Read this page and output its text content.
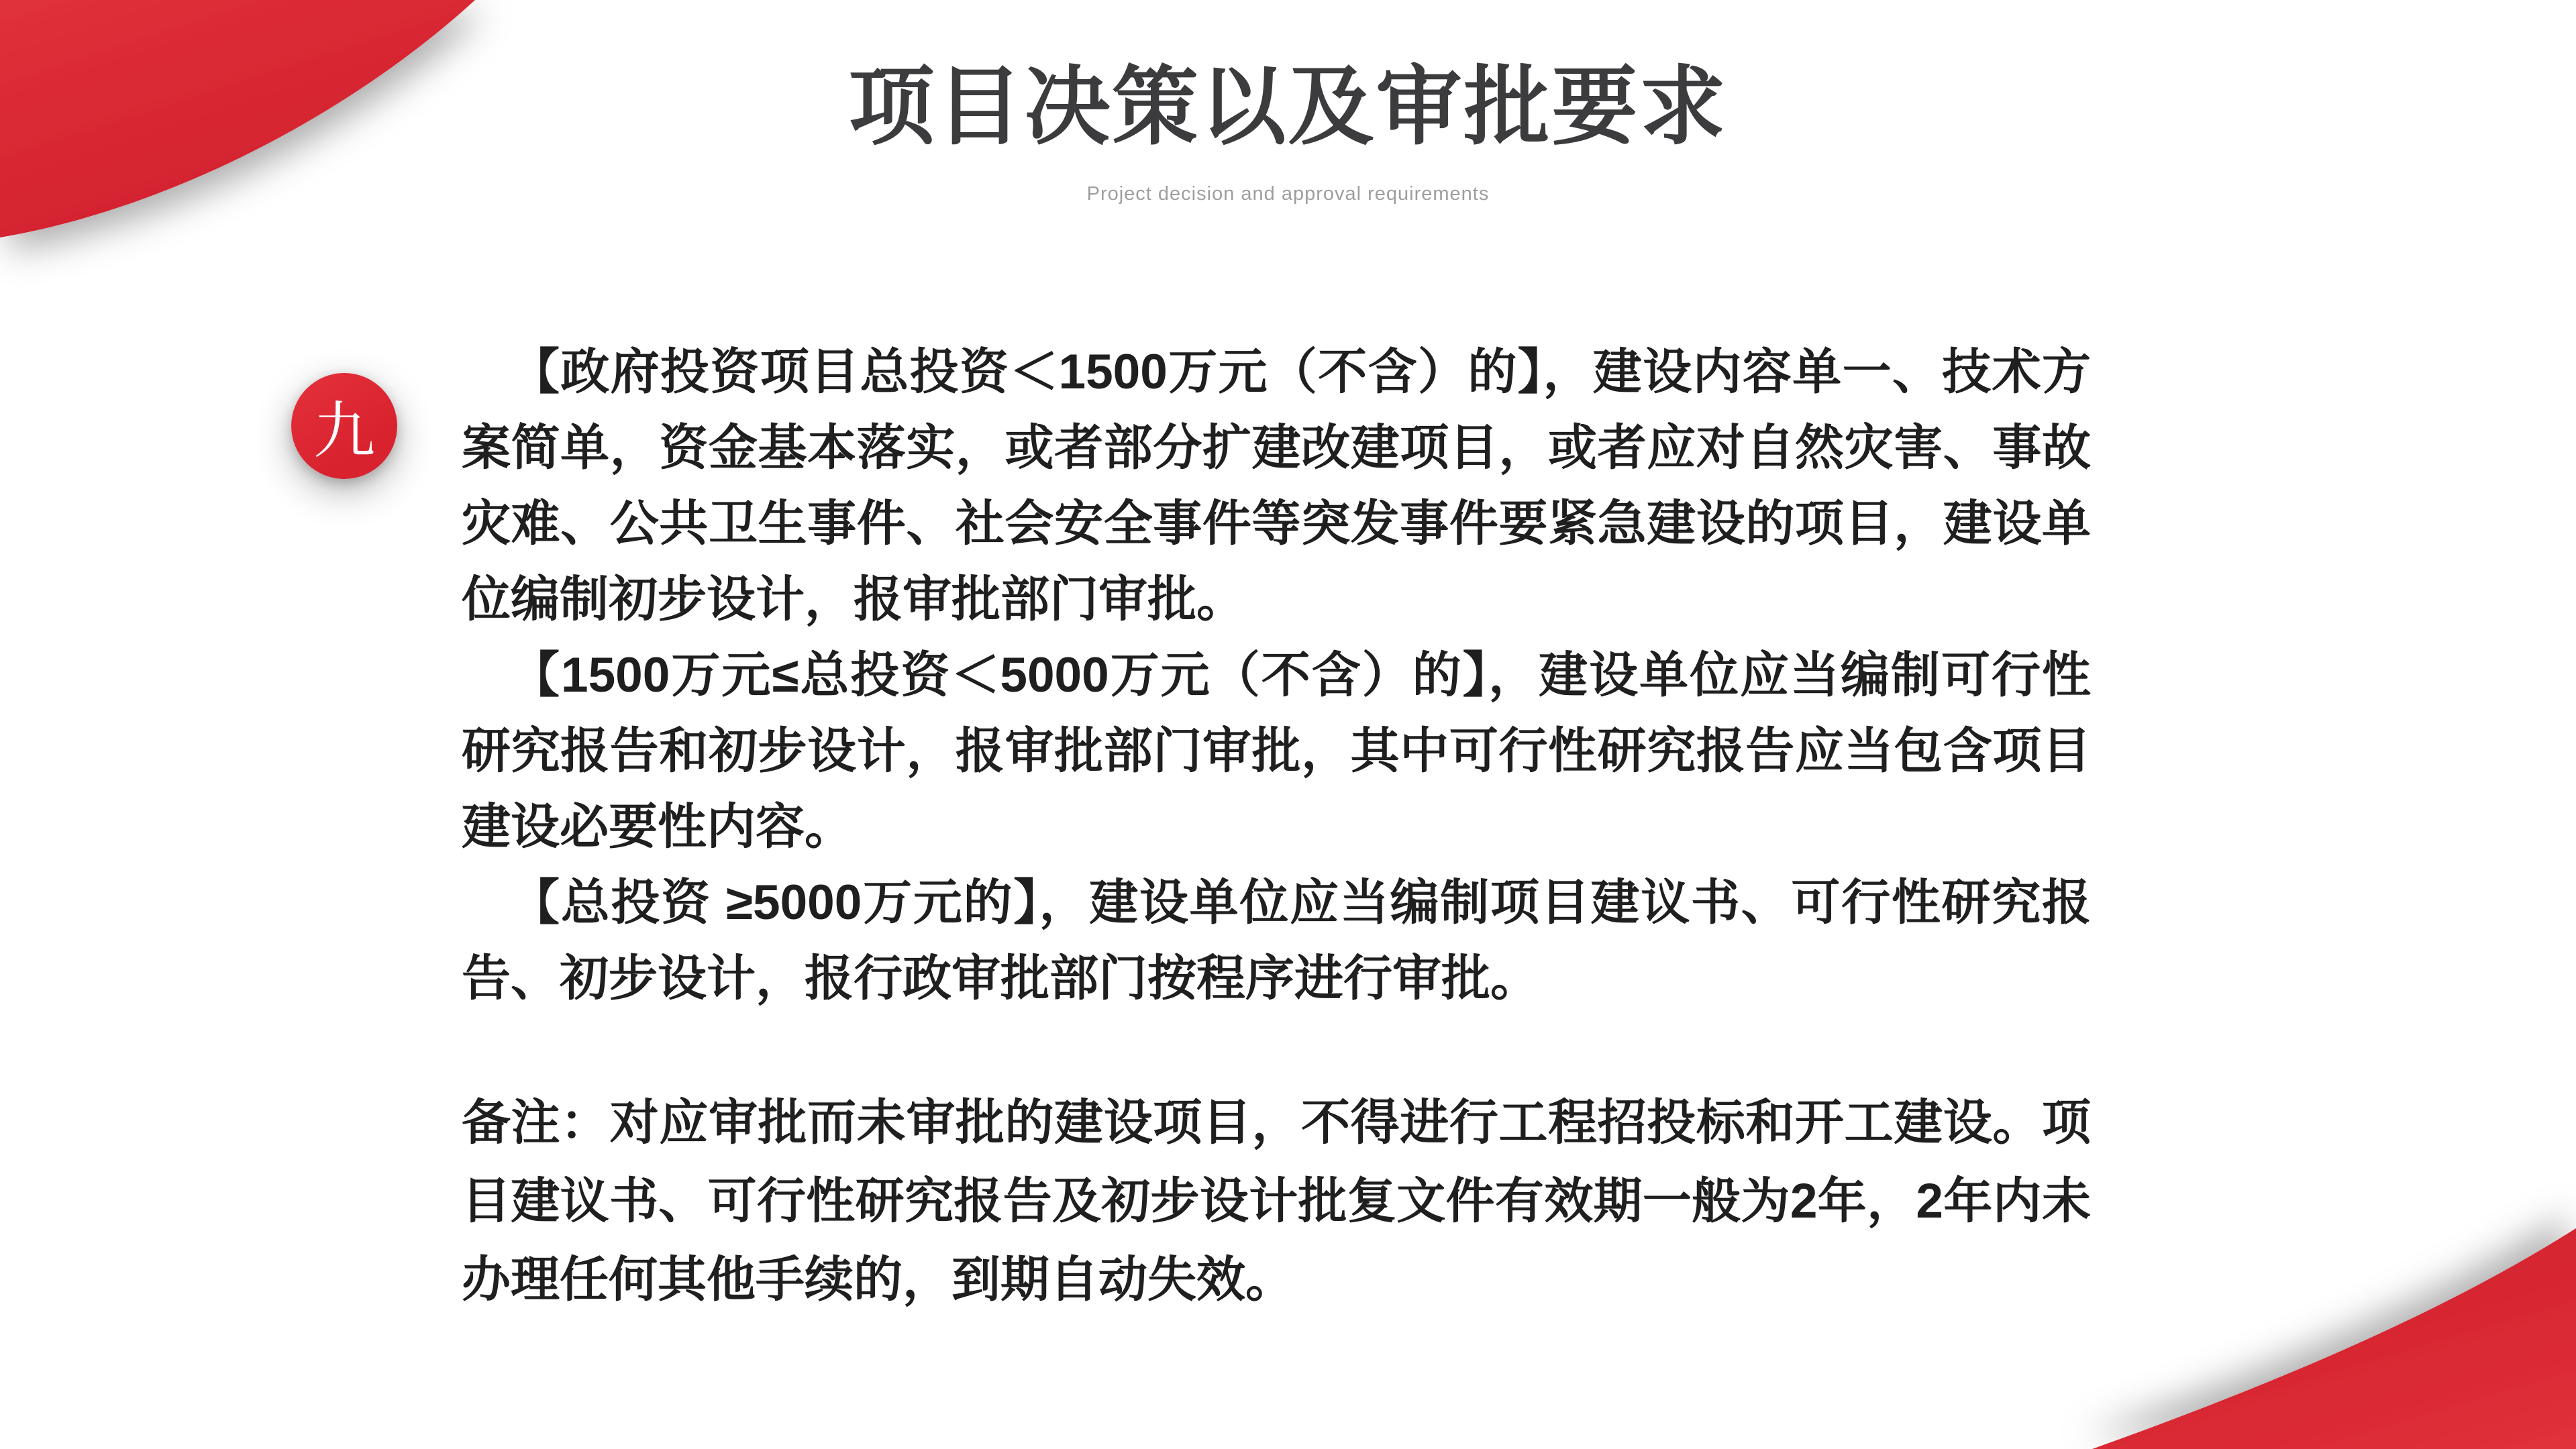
项目决策以及审批要求
Project decision and approval requirements
九

【政府投资项目总投资＜1500万元（不含）的】，建设内容单一、技术方案简单，资金基本落实，或者部分扩建改建项目，或者应对自然灾害、事故灾难、公共卫生事件、社会安全事件等突发事件要紧急建设的项目，建设单位编制初步设计，报审批部门审批。

【1500万元≤总投资＜5000万元（不含）的】，建设单位应当编制可行性研究报告和初步设计，报审批部门审批，其中可行性研究报告应当包含项目建设必要性内容。

【总投资 ≥5000万元的】，建设单位应当编制项目建议书、可行性研究报告、初步设计，报行政审批部门按程序进行审批。

备注：对应审批而未审批的建设项目，不得进行工程招投标和开工建设。项目建议书、可行性研究报告及初步设计批复文件有效期一般为2年，2年内未办理任何其他手续的，到期自动失效。
